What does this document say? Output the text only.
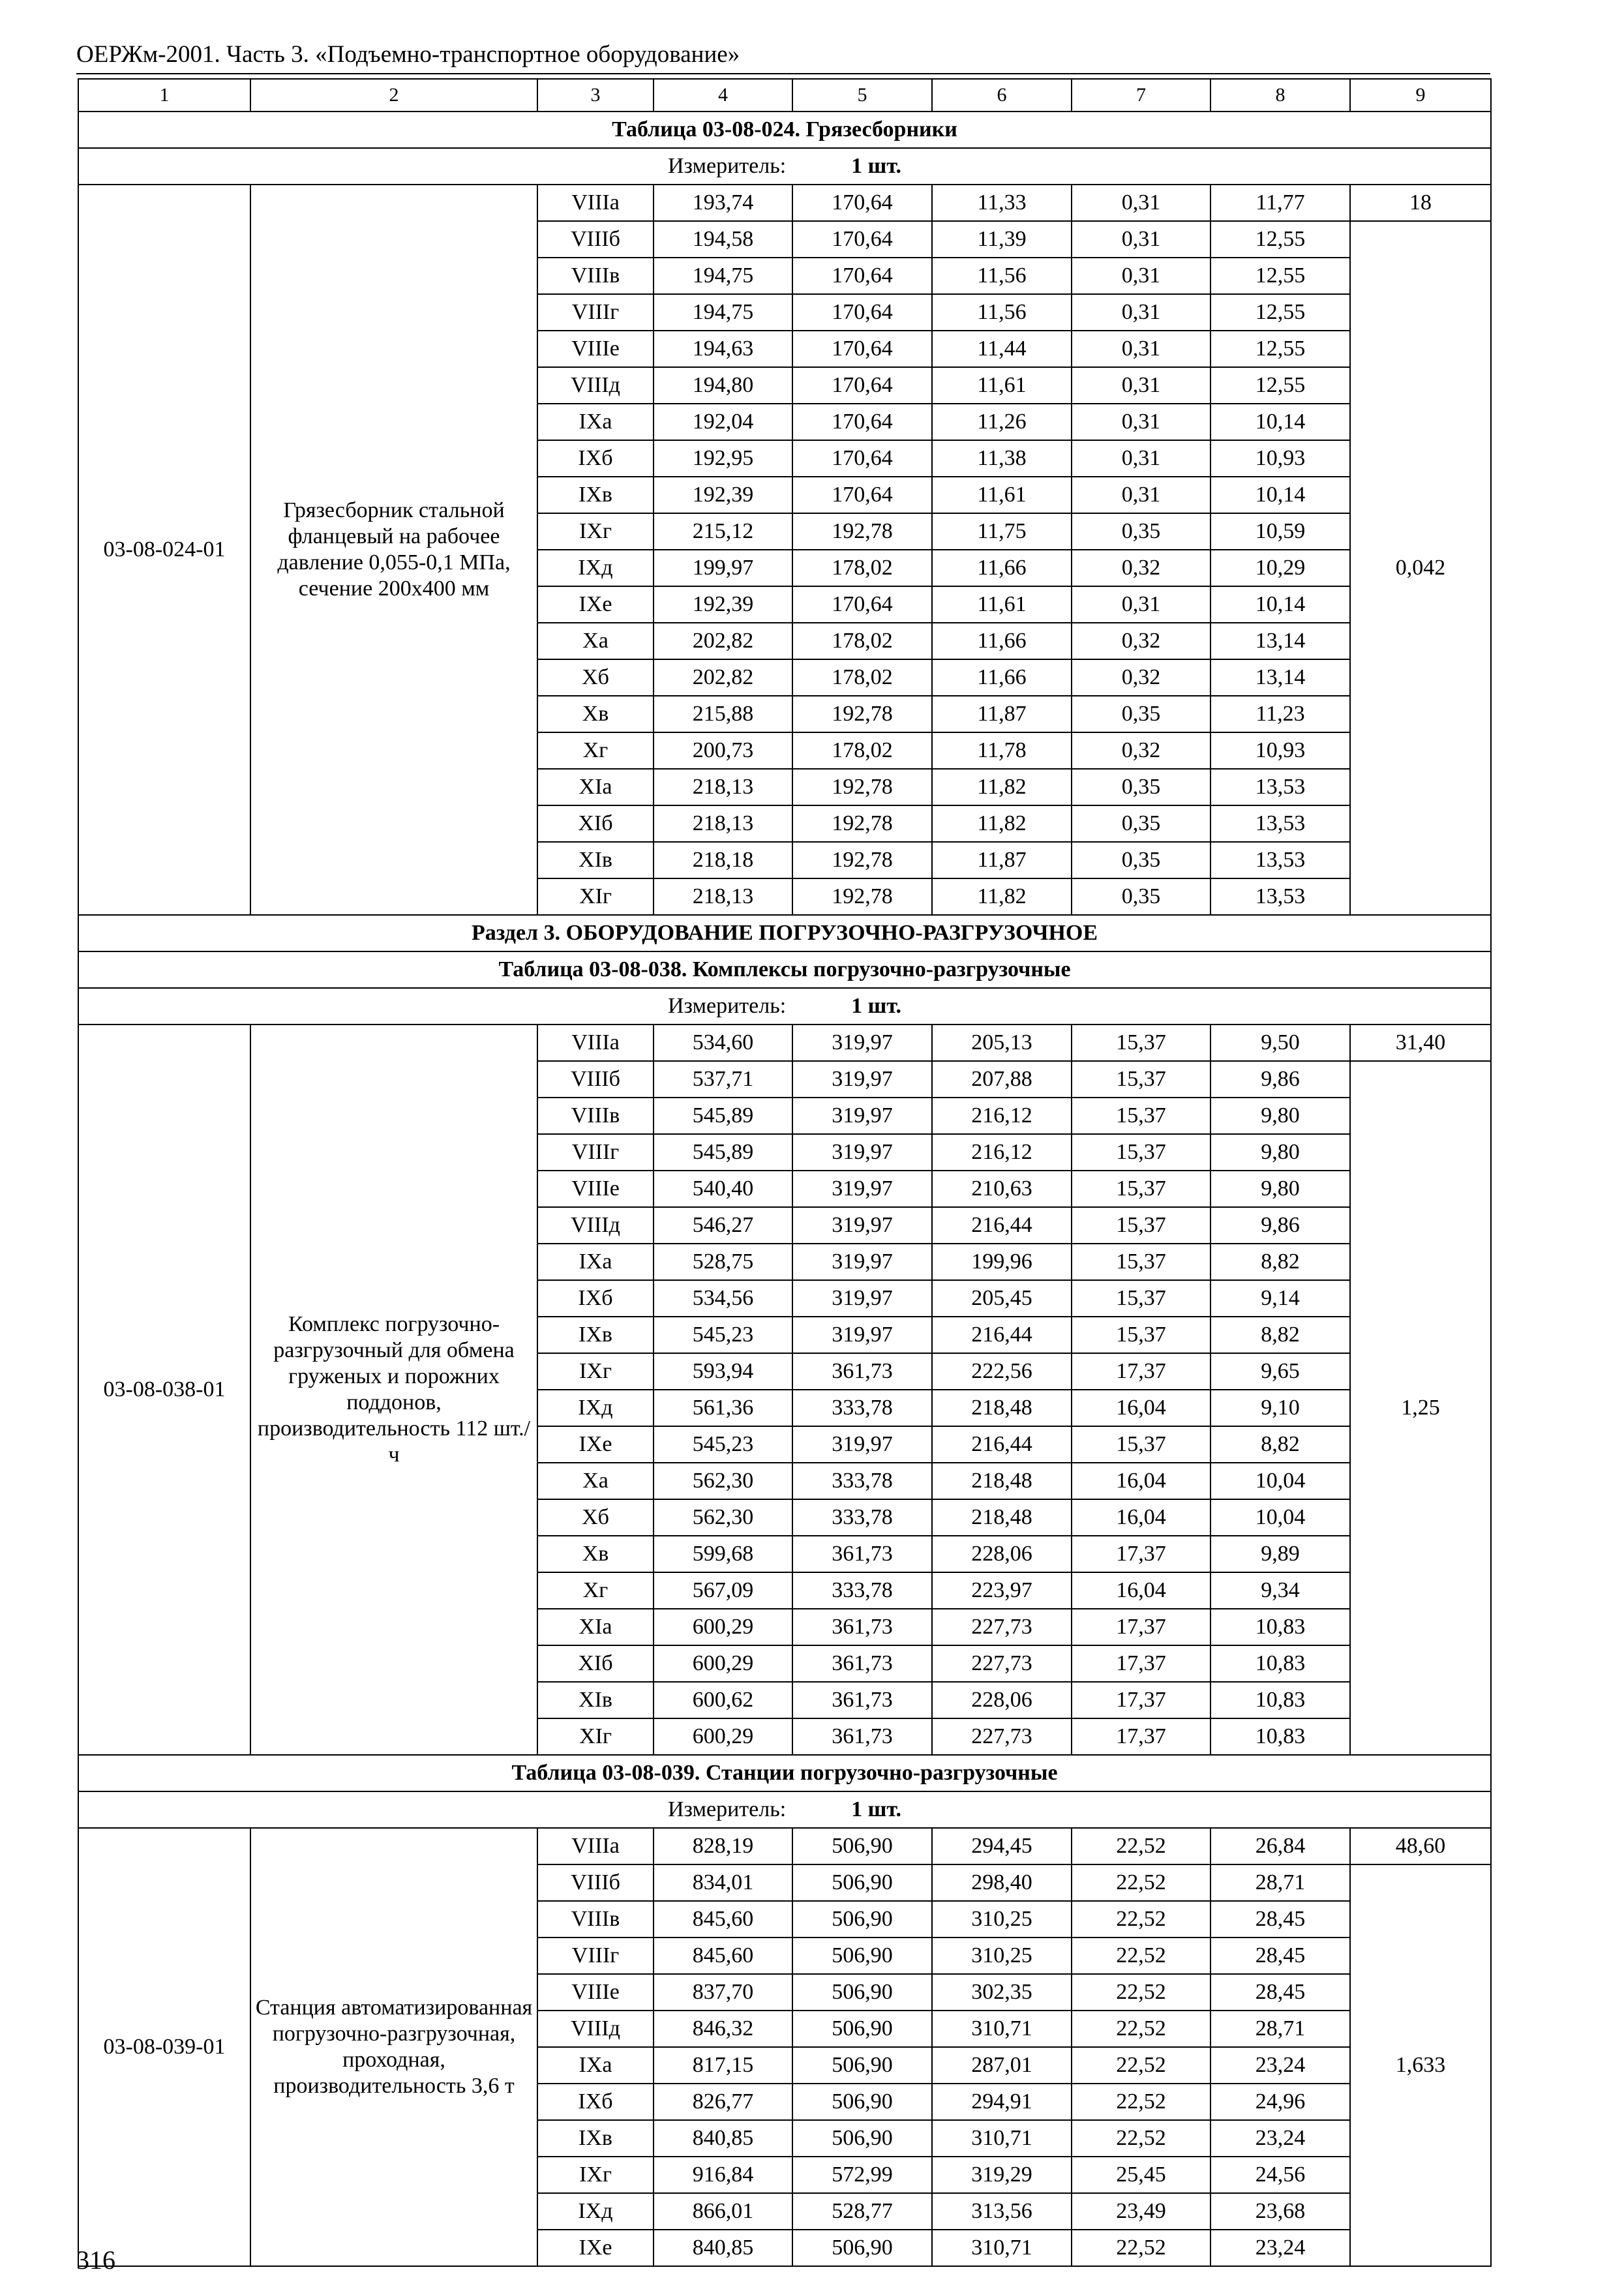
ОЕРЖм-2001. Часть 3. «Подъемно-транспортное оборудование»
1	2	3	4	5	6	7	8	9
Таблица 03-08-024. Грязесборники								
Измеритель: 1 шт.								
03-08-024-01	Грязесборник стальной фланцевый на рабочее давление 0,055-0,1 МПа, сечение 200х400 мм	VIIIа	193,74	170,64	11,33	0,31	11,77	18
		VIIIб	194,58	170,64	11,39	0,31	12,55	0,042
		VIIIв	194,75	170,64	11,56	0,31	12,55	
		VIIIг	194,75	170,64	11,56	0,31	12,55	
		VIIIе	194,63	170,64	11,44	0,31	12,55	
		VIIIд	194,80	170,64	11,61	0,31	12,55	
		IXа	192,04	170,64	11,26	0,31	10,14	
		IXб	192,95	170,64	11,38	0,31	10,93	
		IXв	192,39	170,64	11,61	0,31	10,14	
		IXг	215,12	192,78	11,75	0,35	10,59	
		IXд	199,97	178,02	11,66	0,32	10,29	
		IXе	192,39	170,64	11,61	0,31	10,14	
		Xа	202,82	178,02	11,66	0,32	13,14	
		Xб	202,82	178,02	11,66	0,32	13,14	
		Xв	215,88	192,78	11,87	0,35	11,23	
		Xг	200,73	178,02	11,78	0,32	10,93	
		XIа	218,13	192,78	11,82	0,35	13,53	
		XIб	218,13	192,78	11,82	0,35	13,53	
		XIв	218,18	192,78	11,87	0,35	13,53	
		XIг	218,13	192,78	11,82	0,35	13,53	
Раздел 3. ОБОРУДОВАНИЕ ПОГРУЗОЧНО-РАЗГРУЗОЧНОЕ								
Таблица 03-08-038. Комплексы погрузочно-разгрузочные								
Измеритель: 1 шт.								
03-08-038-01	Комплекс погрузочно-разгрузочный для обмена груженых и порожних поддонов, производительность 112 шт./ч	VIIIа	534,60	319,97	205,13	15,37	9,50	31,40
		VIIIб	537,71	319,97	207,88	15,37	9,86	1,25
		VIIIв	545,89	319,97	216,12	15,37	9,80	
		VIIIг	545,89	319,97	216,12	15,37	9,80	
		VIIIе	540,40	319,97	210,63	15,37	9,80	
		VIIIд	546,27	319,97	216,44	15,37	9,86	
		IXа	528,75	319,97	199,96	15,37	8,82	
		IXб	534,56	319,97	205,45	15,37	9,14	
		IXв	545,23	319,97	216,44	15,37	8,82	
		IXг	593,94	361,73	222,56	17,37	9,65	
		IXд	561,36	333,78	218,48	16,04	9,10	
		IXе	545,23	319,97	216,44	15,37	8,82	
		Xа	562,30	333,78	218,48	16,04	10,04	
		Xб	562,30	333,78	218,48	16,04	10,04	
		Xв	599,68	361,73	228,06	17,37	9,89	
		Xг	567,09	333,78	223,97	16,04	9,34	
		XIа	600,29	361,73	227,73	17,37	10,83	
		XIб	600,29	361,73	227,73	17,37	10,83	
		XIв	600,62	361,73	228,06	17,37	10,83	
		XIг	600,29	361,73	227,73	17,37	10,83	
Таблица 03-08-039. Станции погрузочно-разгрузочные								
Измеритель: 1 шт.								
03-08-039-01	Станция автоматизированная погрузочно-разгрузочная, проходная, производительность 3,6 т	VIIIа	828,19	506,90	294,45	22,52	26,84	48,60
		VIIIб	834,01	506,90	298,40	22,52	28,71	1,633
		VIIIв	845,60	506,90	310,25	22,52	28,45	
		VIIIг	845,60	506,90	310,25	22,52	28,45	
		VIIIе	837,70	506,90	302,35	22,52	28,45	
		VIIIд	846,32	506,90	310,71	22,52	28,71	
		IXа	817,15	506,90	287,01	22,52	23,24	
		IXб	826,77	506,90	294,91	22,52	24,96	
		IXв	840,85	506,90	310,71	22,52	23,24	
		IXг	916,84	572,99	319,29	25,45	24,56	
		IXд	866,01	528,77	313,56	23,49	23,68	
		IXе	840,85	506,90	310,71	22,52	23,24	
316
